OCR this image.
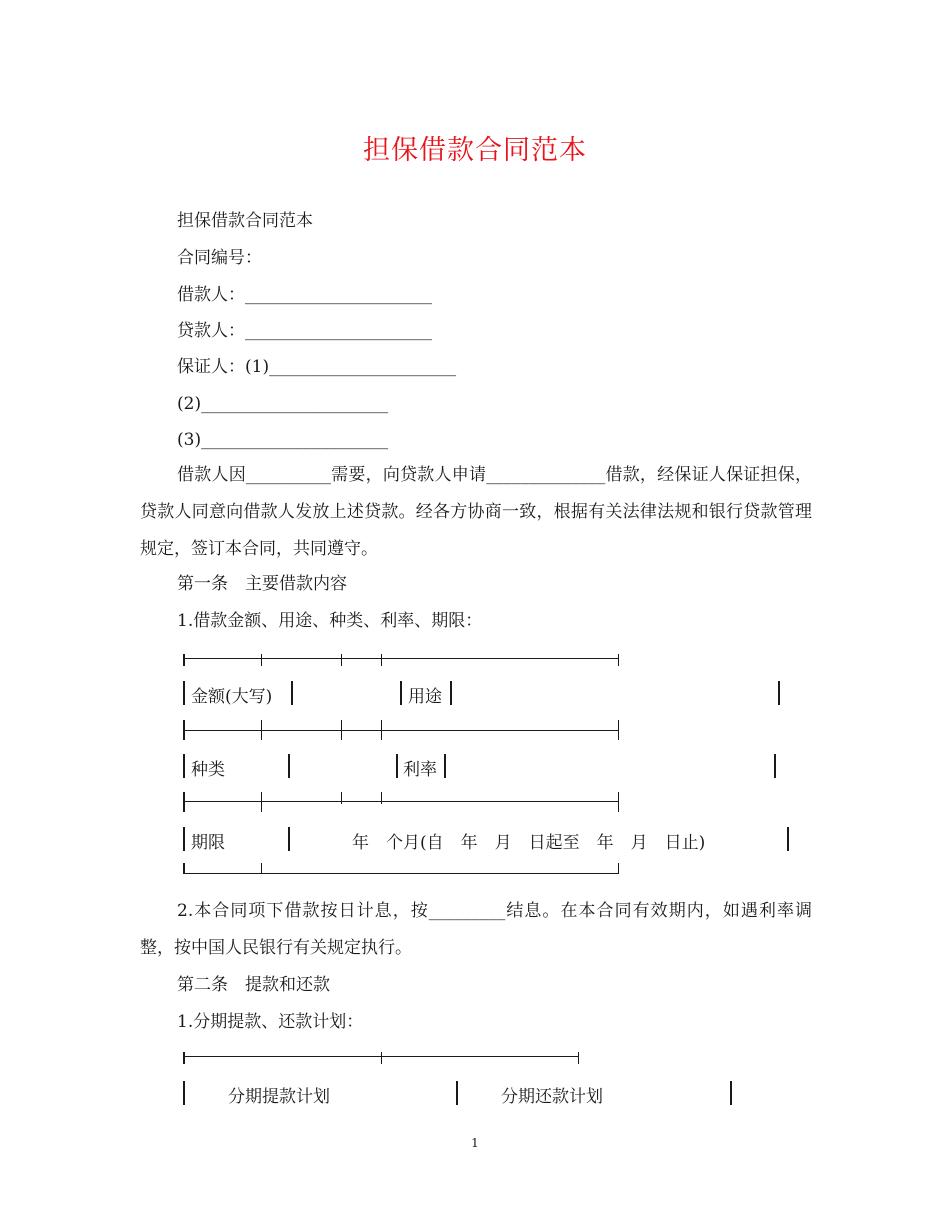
担保借款合同范本
担保借款合同范本
合同编号：
借款人：______________________
贷款人：______________________
保证人：(1)______________________
(2)______________________
(3)______________________
借款人因__________需要，向贷款人申请______________借款，经保证人保证担保，贷款人同意向借款人发放上述贷款。经各方协商一致，根据有关法律法规和银行贷款管理规定，签订本合同，共同遵守。
第一条　主要借款内容
1.借款金额、用途、种类、利率、期限：
金额(大写)	用途
种类	利率
期限	年　个月(自　年　月　日起至　年　月　日止)
2.本合同项下借款按日计息，按_________结息。在本合同有效期内，如遇利率调整，按中国人民银行有关规定执行。
第二条　提款和还款
1.分期提款、还款计划：
分期提款计划	分期还款计划
1
